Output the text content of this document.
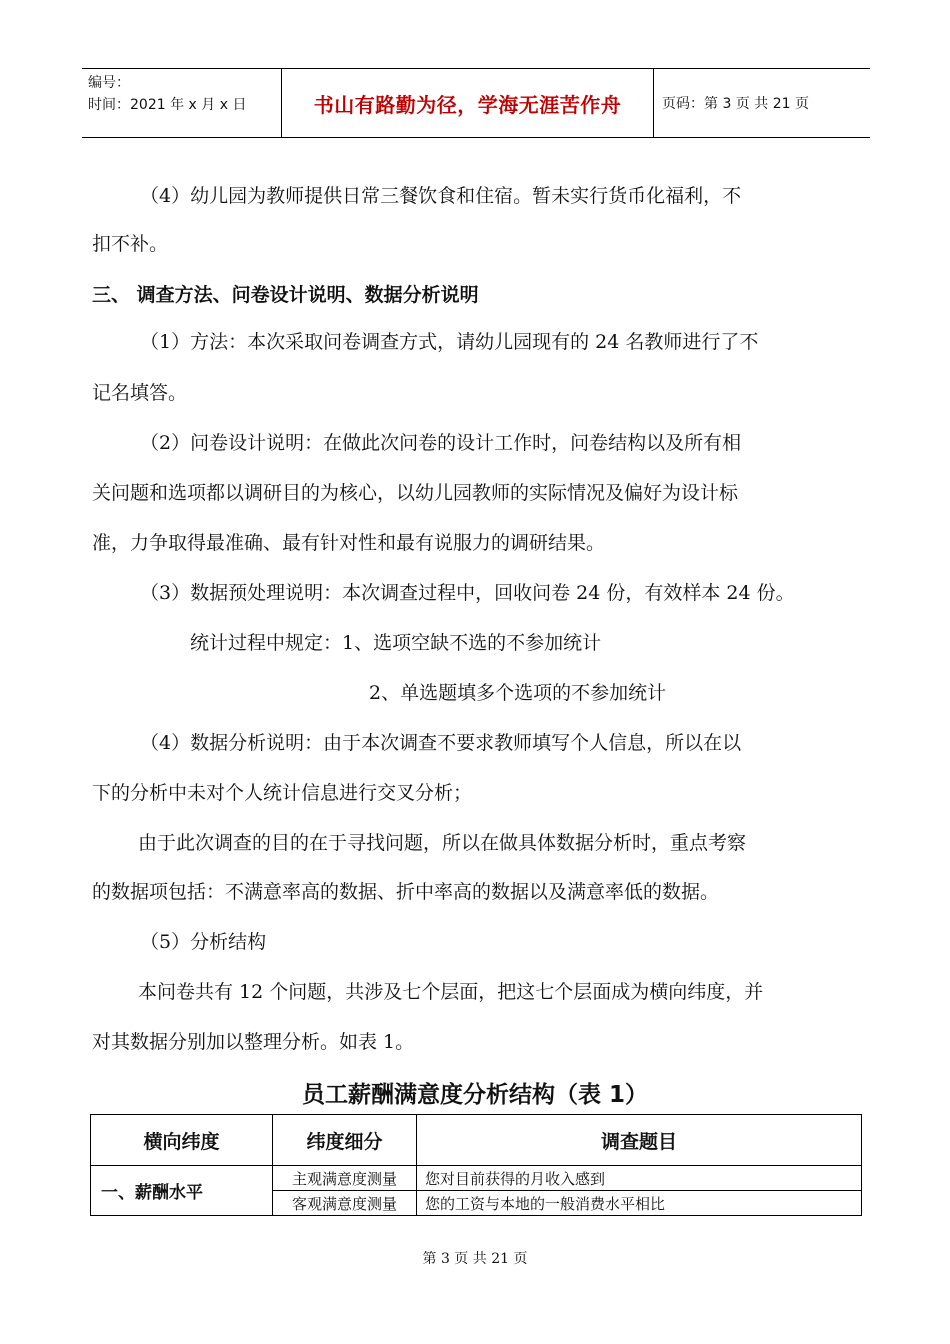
编号：
时间：2021 年 x 月 x 日	书山有路勤为径，学海无涯苦作舟	页码：第 3 页 共 21 页
（4）幼儿园为教师提供日常三餐饮食和住宿。暂未实行货币化福利，不
扣不补。
三、 调查方法、问卷设计说明、数据分析说明
（1）方法：本次采取问卷调查方式，请幼儿园现有的 24 名教师进行了不
记名填答。
（2）问卷设计说明：在做此次问卷的设计工作时，问卷结构以及所有相
关问题和选项都以调研目的为核心，以幼儿园教师的实际情况及偏好为设计标
准，力争取得最准确、最有针对性和最有说服力的调研结果。
（3）数据预处理说明：本次调查过程中，回收问卷 24 份，有效样本 24 份。
统计过程中规定：1、选项空缺不选的不参加统计
2、单选题填多个选项的不参加统计
（4）数据分析说明：由于本次调查不要求教师填写个人信息，所以在以
下的分析中未对个人统计信息进行交叉分析；
由于此次调查的目的在于寻找问题，所以在做具体数据分析时，重点考察
的数据项包括：不满意率高的数据、折中率高的数据以及满意率低的数据。
（5）分析结构
本问卷共有 12 个问题，共涉及七个层面，把这七个层面成为横向纬度，并
对其数据分别加以整理分析。如表 1。
员工薪酬满意度分析结构（表 1）
横向纬度	纬度细分	调查题目
一、薪酬水平	主观满意度测量	您对目前获得的月收入感到
	客观满意度测量	您的工资与本地的一般消费水平相比
第 3 页 共 21 页
